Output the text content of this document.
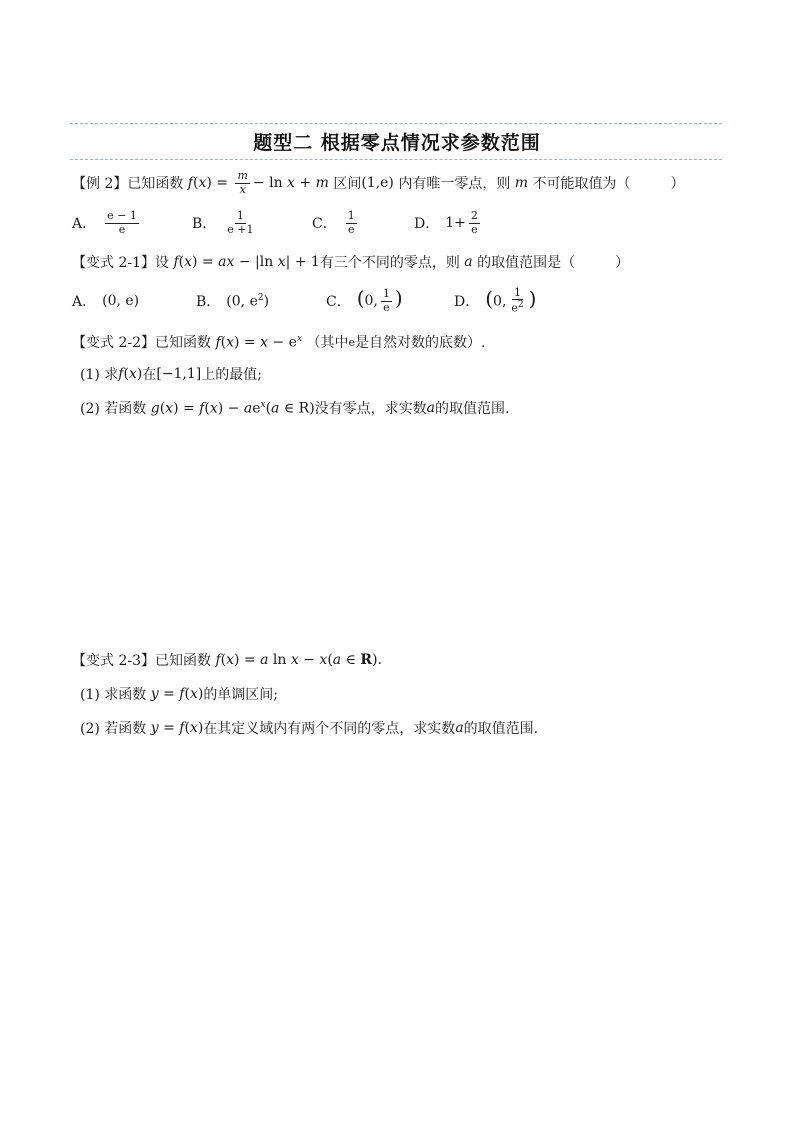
题型二 根据零点情况求参数范围
【例 2】 已知函数 $f(x) = \frac{m}{x} - \ln x + m$ 区间 (1,e) 内有唯一零点，则 m 不可能取值为（	）
A． $\frac{e - 1}{e}$	B． $\frac{1}{e +1}$	C． $\frac{1}{e}$	D． $1+ \frac{2}{e}$
【变式 2-1】 设 f(x) = ax − |ln x| + 1 有三个不同的零点，则 a 的取值范围是（	）
A． (0, e)	B． (0, $e^2$)	C． (0, $\frac{1}{e}$ )	D． (0, $\frac{1}{e^2}$ )
【变式 2-2】 已知函数 $f(x) = x - e^x$ （其中 e 是自然对数的底数）.
(1) 求 f(x) 在 [−1,1] 上的最值;
(2) 若函数 $g(x) = f(x) - ae^x(a$ ∈ R) 没有零点，求实数 a 的取值范围.
【变式 2-3】 已知函数 f(x) = a ln x − x(a ∈ R) .
(1) 求函数 y = f(x) 的单调区间;
(2) 若函数 y = f(x) 在其定义域内有两个不同的零点，求实数 a 的取值范围.
